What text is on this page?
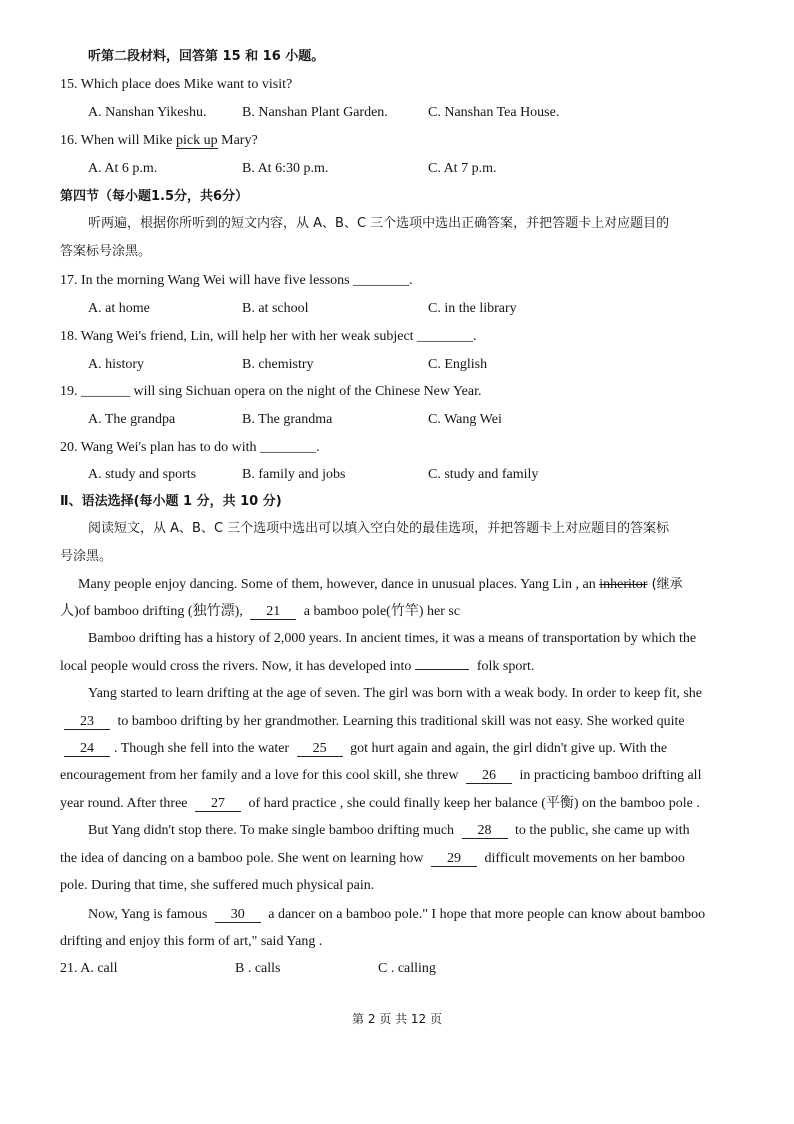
听第二段材料，回答第 15 和 16 小题。
15. Which place does Mike want to visit?
A. Nanshan Yikeshu.	B. Nanshan Plant Garden.	C. Nanshan Tea House.
16. When will Mike pick up Mary?
A. At 6 p.m.	B. At 6:30 p.m.	C. At 7 p.m.
第四节（每小题1.5分，共6分）
听两遍，根据你所听到的短文内容，从 A、B、C 三个选项中选出正确答案，并把答题卡上对应题目的
答案标号涂黑。
17. In the morning Wang Wei will have five lessons ________.
A. at home	B. at school	C. in the library
18. Wang Wei's friend, Lin, will help her with her weak subject ________.
A. history	B. chemistry	C. English
19. _______ will sing Sichuan opera on the night of the Chinese New Year.
A. The grandpa	B. The grandma	C. Wang Wei
20. Wang Wei's plan has to do with ________.
A. study and sports	B. family and jobs	C. study and family
Ⅱ、语法选择(每小题 1 分，共 10 分)
阅读短文，从 A、B、C 三个选项中选出可以填入空白处的最佳选项，并把答题卡上对应题目的答案标
号涂黑。
Many people enjoy dancing. Some of them, however, dance in unusual places. Yang Lin , an inheritor (继承
人)of bamboo drifting (独竹漂), 21 a bamboo pole(竹竿) her sc
Bamboo drifting has a history of 2,000 years. In ancient times, it was a means of transportation by which the
local people would cross the rivers. Now, it has developed into	folk sport.
Yang started to learn drifting at the age of seven. The girl was born with a weak body. In order to keep fit, she
23 to bamboo drifting by her grandmother. Learning this traditional skill was not easy. She worked quite
24 . Though she fell into the water 25 got hurt again and again, the girl didn't give up. With the
encouragement from her family and a love for this cool skill, she threw 26 in practicing bamboo drifting all
year round. After three 27 of hard practice , she could finally keep her balance (平衡) on the bamboo pole .
But Yang didn't stop there. To make single bamboo drifting much 28 to the public, she came up with
the idea of dancing on a bamboo pole. She went on learning how 29 difficult movements on her bamboo
pole. During that time, she suffered much physical pain.
Now, Yang is famous 30 a dancer on a bamboo pole." I hope that more people can know about bamboo
drifting and enjoy this form of art," said Yang .
21. A. call	B . calls	C . calling
第 2 页 共 12 页
